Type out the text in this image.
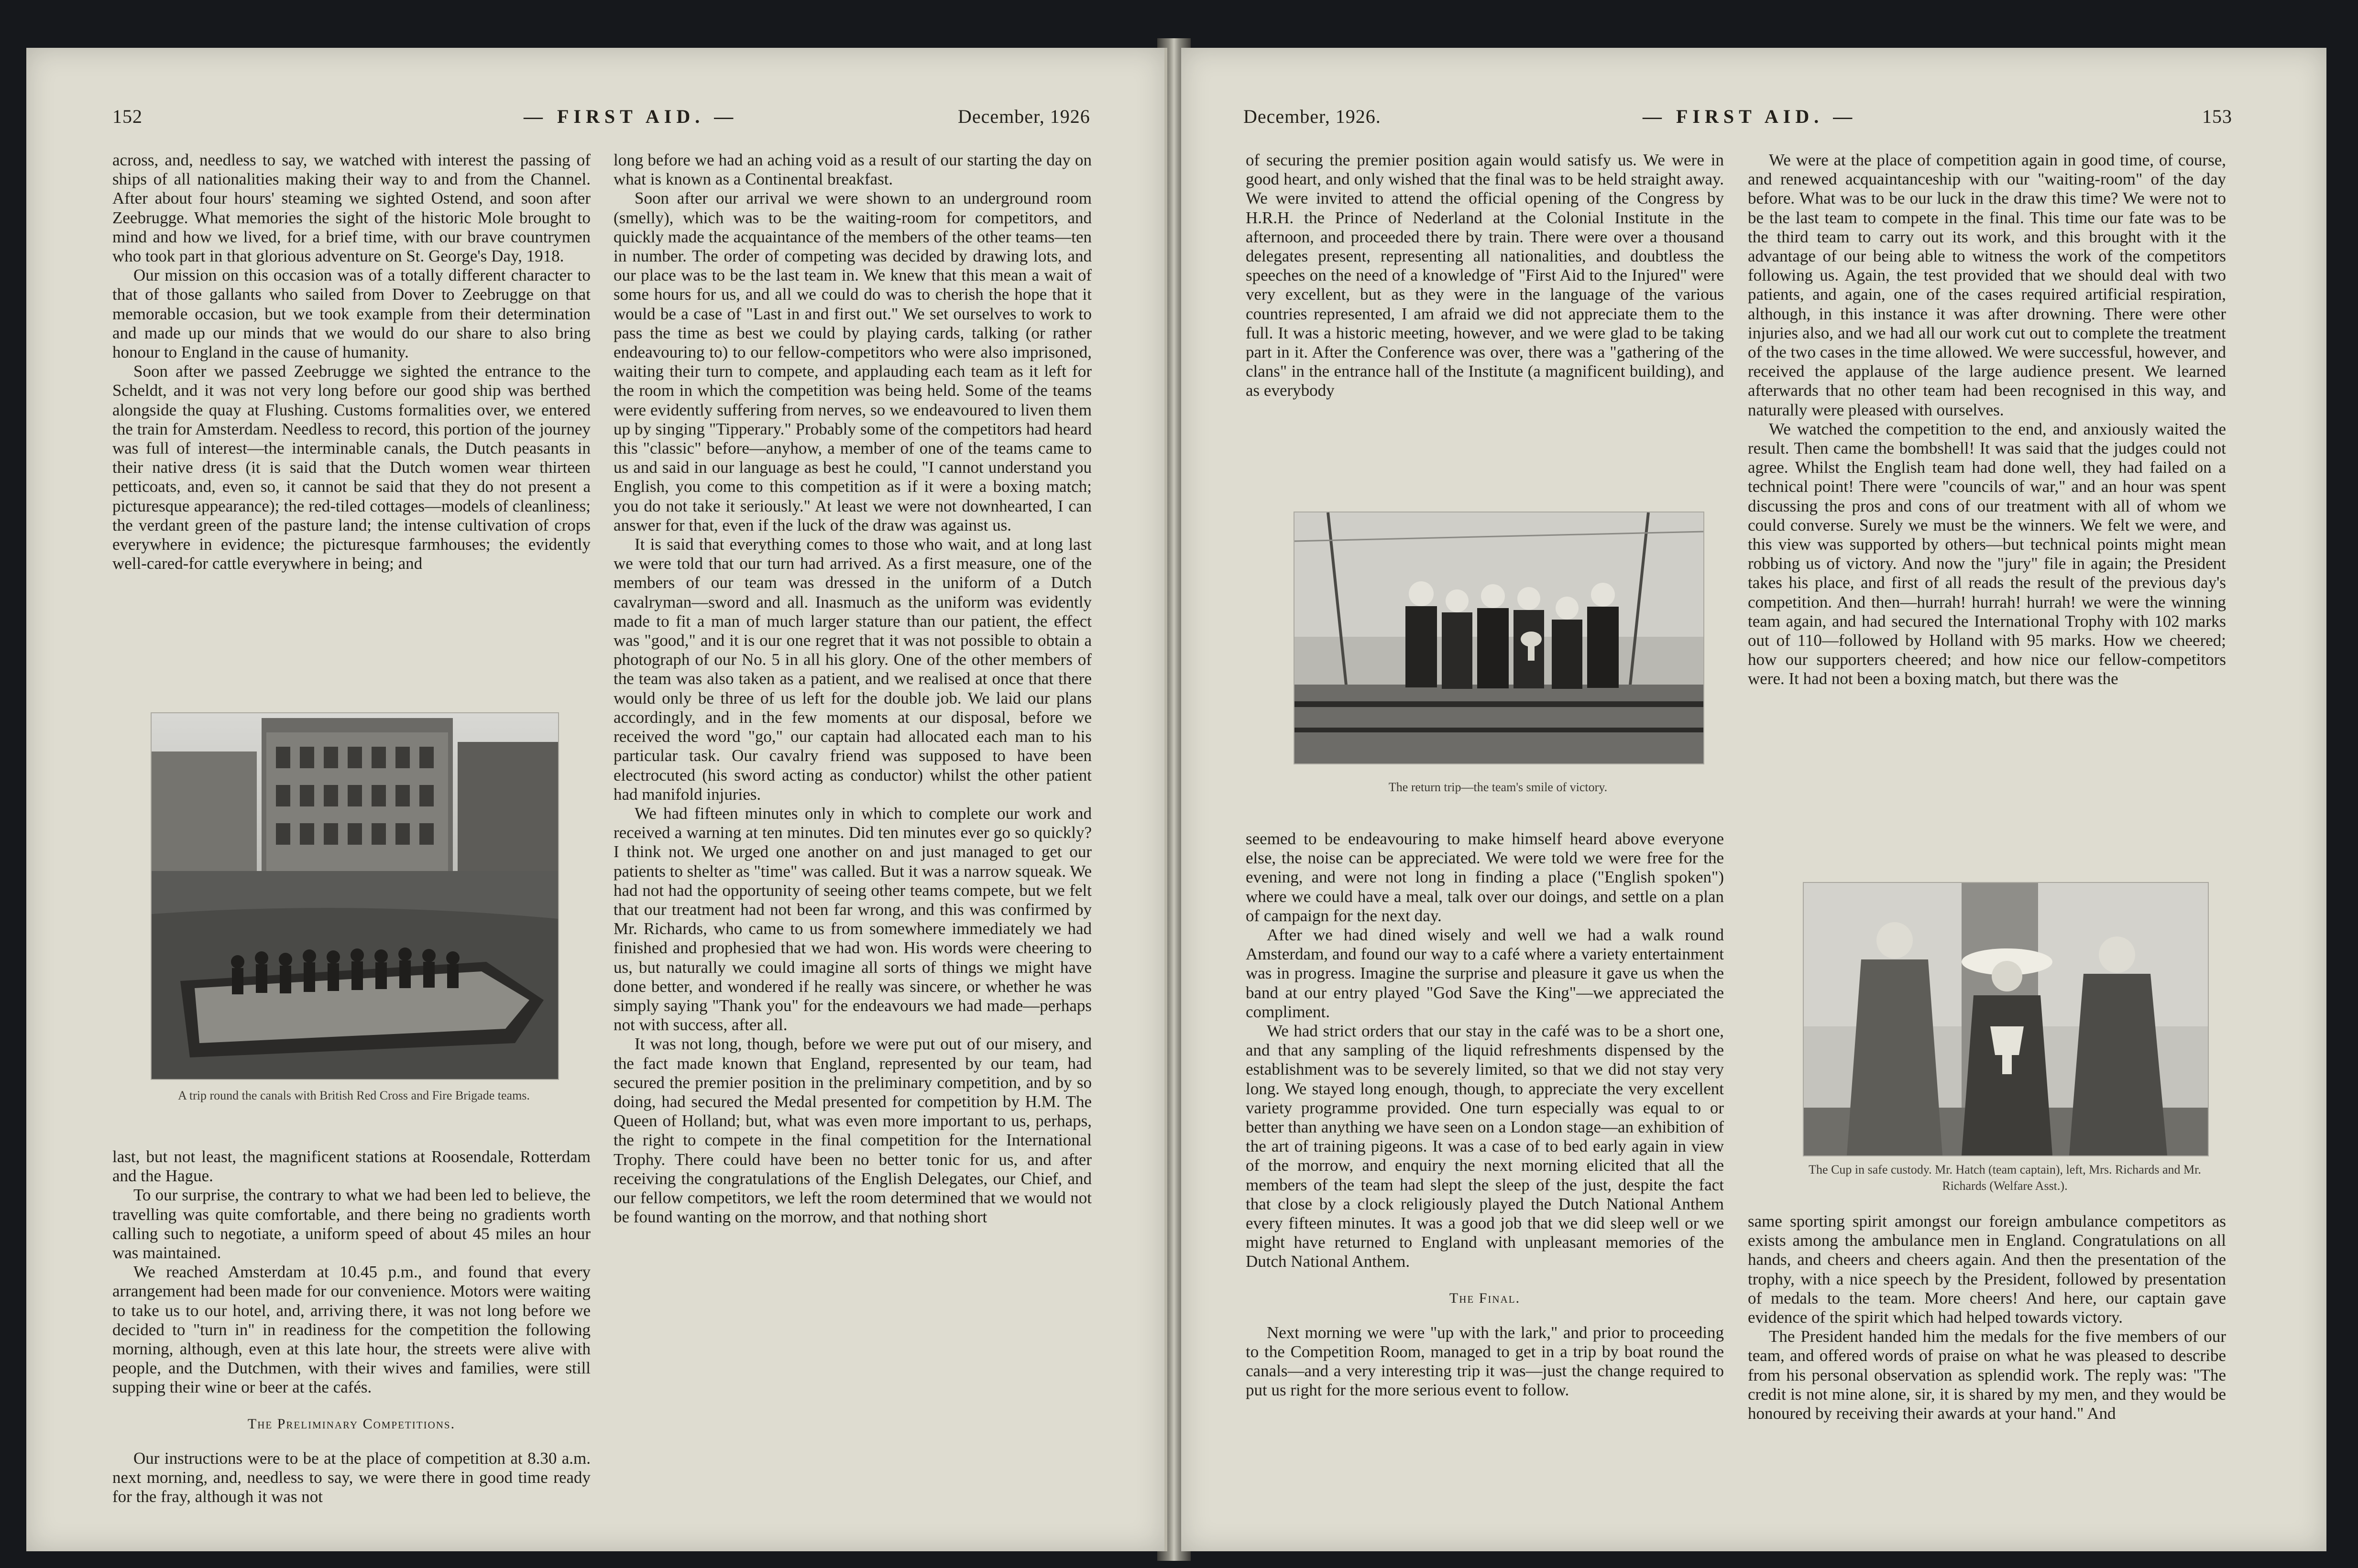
152	— FIRST AID. —	December, 1926

across, and, needless to say, we watched with interest the passing of ships of all nationalities making their way to and from the Channel. After about four hours' steaming we sighted Ostend, and soon after Zeebrugge. What memories the sight of the historic Mole brought to mind and how we lived, for a brief time, with our brave countrymen who took part in that glorious adventure on St. George's Day, 1918.

Our mission on this occasion was of a totally different character to that of those gallants who sailed from Dover to Zeebrugge on that memorable occasion, but we took example from their determination and made up our minds that we would do our share to also bring honour to England in the cause of humanity.

Soon after we passed Zeebrugge we sighted the entrance to the Scheldt, and it was not very long before our good ship was berthed alongside the quay at Flushing. Customs formalities over, we entered the train for Amsterdam. Needless to record, this portion of the journey was full of interest—the interminable canals, the Dutch peasants in their native dress (it is said that the Dutch women wear thirteen petticoats, and, even so, it cannot be said that they do not present a picturesque appearance); the red-tiled cottages—models of cleanliness; the verdant green of the pasture land; the intense cultivation of crops everywhere in evidence; the picturesque farmhouses; the evidently well-cared-for cattle everywhere in being; and

A trip round the canals with British Red Cross and Fire Brigade teams.

last, but not least, the magnificent stations at Roosendale, Rotterdam and the Hague.

To our surprise, the contrary to what we had been led to believe, the travelling was quite comfortable, and there being no gradients worth calling such to negotiate, a uniform speed of about 45 miles an hour was maintained.

We reached Amsterdam at 10.45 p.m., and found that every arrangement had been made for our convenience. Motors were waiting to take us to our hotel, and, arriving there, it was not long before we decided to "turn in" in readiness for the competition the following morning, although, even at this late hour, the streets were alive with people, and the Dutchmen, with their wives and families, were still supping their wine or beer at the cafés.

The Preliminary Competitions.

Our instructions were to be at the place of competition at 8.30 a.m. next morning, and, needless to say, we were there in good time ready for the fray, although it was not

long before we had an aching void as a result of our starting the day on what is known as a Continental breakfast.

Soon after our arrival we were shown to an underground room (smelly), which was to be the waiting-room for competitors, and quickly made the acquaintance of the members of the other teams—ten in number. The order of competing was decided by drawing lots, and our place was to be the last team in. We knew that this mean a wait of some hours for us, and all we could do was to cherish the hope that it would be a case of "Last in and first out." We set ourselves to work to pass the time as best we could by playing cards, talking (or rather endeavouring to) to our fellow-competitors who were also imprisoned, waiting their turn to compete, and applauding each team as it left for the room in which the competition was being held. Some of the teams were evidently suffering from nerves, so we endeavoured to liven them up by singing "Tipperary." Probably some of the competitors had heard this "classic" before—anyhow, a member of one of the teams came to us and said in our language as best he could, "I cannot understand you English, you come to this competition as if it were a boxing match; you do not take it seriously." At least we were not downhearted, I can answer for that, even if the luck of the draw was against us.

It is said that everything comes to those who wait, and at long last we were told that our turn had arrived. As a first measure, one of the members of our team was dressed in the uniform of a Dutch cavalryman—sword and all. Inasmuch as the uniform was evidently made to fit a man of much larger stature than our patient, the effect was "good," and it is our one regret that it was not possible to obtain a photograph of our No. 5 in all his glory. One of the other members of the team was also taken as a patient, and we realised at once that there would only be three of us left for the double job. We laid our plans accordingly, and in the few moments at our disposal, before we received the word "go," our captain had allocated each man to his particular task. Our cavalry friend was supposed to have been electrocuted (his sword acting as conductor) whilst the other patient had manifold injuries.

We had fifteen minutes only in which to complete our work and received a warning at ten minutes. Did ten minutes ever go so quickly? I think not. We urged one another on and just managed to get our patients to shelter as "time" was called. But it was a narrow squeak. We had not had the opportunity of seeing other teams compete, but we felt that our treatment had not been far wrong, and this was confirmed by Mr. Richards, who came to us from somewhere immediately we had finished and prophesied that we had won. His words were cheering to us, but naturally we could imagine all sorts of things we might have done better, and wondered if he really was sincere, or whether he was simply saying "Thank you" for the endeavours we had made—perhaps not with success, after all.

It was not long, though, before we were put out of our misery, and the fact made known that England, represented by our team, had secured the premier position in the preliminary competition, and by so doing, had secured the Medal presented for competition by H.M. The Queen of Holland; but, what was even more important to us, perhaps, the right to compete in the final competition for the International Trophy. There could have been no better tonic for us, and after receiving the congratulations of the English Delegates, our Chief, and our fellow competitors, we left the room determined that we would not be found wanting on the morrow, and that nothing short

December, 1926.	— FIRST AID. —	153

of securing the premier position again would satisfy us. We were in good heart, and only wished that the final was to be held straight away. We were invited to attend the official opening of the Congress by H.R.H. the Prince of Nederland at the Colonial Institute in the afternoon, and proceeded there by train. There were over a thousand delegates present, representing all nationalities, and doubtless the speeches on the need of a knowledge of "First Aid to the Injured" were very excellent, but as they were in the language of the various countries represented, I am afraid we did not appreciate them to the full. It was a historic meeting, however, and we were glad to be taking part in it. After the Conference was over, there was a "gathering of the clans" in the entrance hall of the Institute (a magnificent building), and as everybody

The return trip—the team's smile of victory.

seemed to be endeavouring to make himself heard above everyone else, the noise can be appreciated. We were told we were free for the evening, and were not long in finding a place ("English spoken") where we could have a meal, talk over our doings, and settle on a plan of campaign for the next day.

After we had dined wisely and well we had a walk round Amsterdam, and found our way to a café where a variety entertainment was in progress. Imagine the surprise and pleasure it gave us when the band at our entry played "God Save the King"—we appreciated the compliment.

We had strict orders that our stay in the café was to be a short one, and that any sampling of the liquid refreshments dispensed by the establishment was to be severely limited, so that we did not stay very long. We stayed long enough, though, to appreciate the very excellent variety programme provided. One turn especially was equal to or better than anything we have seen on a London stage—an exhibition of the art of training pigeons. It was a case of to bed early again in view of the morrow, and enquiry the next morning elicited that all the members of the team had slept the sleep of the just, despite the fact that close by a clock religiously played the Dutch National Anthem every fifteen minutes. It was a good job that we did sleep well or we might have returned to England with unpleasant memories of the Dutch National Anthem.

The Final.

Next morning we were "up with the lark," and prior to proceeding to the Competition Room, managed to get in a trip by boat round the canals—and a very interesting trip it was—just the change required to put us right for the more serious event to follow.

We were at the place of competition again in good time, of course, and renewed acquaintanceship with our "waiting-room" of the day before. What was to be our luck in the draw this time? We were not to be the last team to compete in the final. This time our fate was to be the third team to carry out its work, and this brought with it the advantage of our being able to witness the work of the competitors following us. Again, the test provided that we should deal with two patients, and again, one of the cases required artificial respiration, although, in this instance it was after drowning. There were other injuries also, and we had all our work cut out to complete the treatment of the two cases in the time allowed. We were successful, however, and received the applause of the large audience present. We learned afterwards that no other team had been recognised in this way, and naturally were pleased with ourselves.

We watched the competition to the end, and anxiously waited the result. Then came the bombshell! It was said that the judges could not agree. Whilst the English team had done well, they had failed on a technical point! There were "councils of war," and an hour was spent discussing the pros and cons of our treatment with all of whom we could converse. Surely we must be the winners. We felt we were, and this view was supported by others—but technical points might mean robbing us of victory. And now the "jury" file in again; the President takes his place, and first of all reads the result of the previous day's competition. And then—hurrah! hurrah! hurrah! we were the winning team again, and had secured the International Trophy with 102 marks out of 110—followed by Holland with 95 marks. How we cheered; how our supporters cheered; and how nice our fellow-competitors were. It had not been a boxing match, but there was the

The Cup in safe custody. Mr. Hatch (team captain), left, Mrs. Richards and Mr. Richards (Welfare Asst.).

same sporting spirit amongst our foreign ambulance competitors as exists among the ambulance men in England. Congratulations on all hands, and cheers and cheers again. And then the presentation of the trophy, with a nice speech by the President, followed by presentation of medals to the team. More cheers! And here, our captain gave evidence of the spirit which had helped towards victory.

The President handed him the medals for the five members of our team, and offered words of praise on what he was pleased to describe from his personal observation as splendid work. The reply was: "The credit is not mine alone, sir, it is shared by my men, and they would be honoured by receiving their awards at your hand." And
